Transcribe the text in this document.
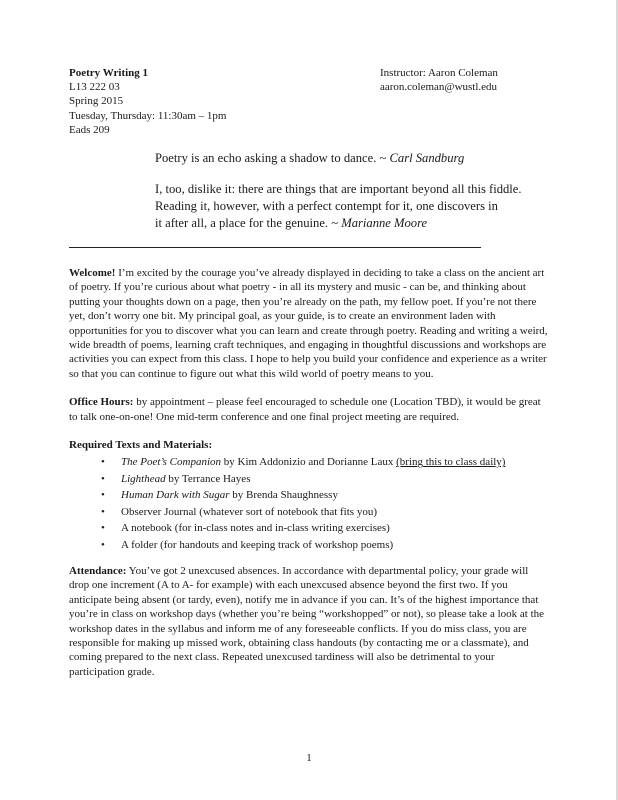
Poetry Writing 1
L13 222 03
Spring 2015
Tuesday, Thursday: 11:30am – 1pm
Eads 209
Instructor: Aaron Coleman
aaron.coleman@wustl.edu

Poetry is an echo asking a shadow to dance. ~ Carl Sandburg

I, too, dislike it: there are things that are important beyond all this fiddle.
Reading it, however, with a perfect contempt for it, one discovers in
it after all, a place for the genuine. ~ Marianne Moore

Welcome! I’m excited by the courage you’ve already displayed in deciding to take a class on the ancient art of poetry. If you’re curious about what poetry - in all its mystery and music - can be, and thinking about putting your thoughts down on a page, then you’re already on the path, my fellow poet. If you’re not there yet, don’t worry one bit. My principal goal, as your guide, is to create an environment laden with opportunities for you to discover what you can learn and create through poetry. Reading and writing a weird, wide breadth of poems, learning craft techniques, and engaging in thoughtful discussions and workshops are activities you can expect from this class. I hope to help you build your confidence and experience as a writer so that you can continue to figure out what this wild world of poetry means to you.

Office Hours: by appointment – please feel encouraged to schedule one (Location TBD), it would be great to talk one-on-one! One mid-term conference and one final project meeting are required.

Required Texts and Materials:
• The Poet’s Companion by Kim Addonizio and Dorianne Laux (bring this to class daily)
• Lighthead by Terrance Hayes
• Human Dark with Sugar by Brenda Shaughnessy
• Observer Journal (whatever sort of notebook that fits you)
• A notebook (for in-class notes and in-class writing exercises)
• A folder (for handouts and keeping track of workshop poems)

Attendance: You’ve got 2 unexcused absences. In accordance with departmental policy, your grade will drop one increment (A to A- for example) with each unexcused absence beyond the first two. If you anticipate being absent (or tardy, even), notify me in advance if you can. It’s of the highest importance that you’re in class on workshop days (whether you’re being “workshopped” or not), so please take a look at the workshop dates in the syllabus and inform me of any foreseeable conflicts. If you do miss class, you are responsible for making up missed work, obtaining class handouts (by contacting me or a classmate), and coming prepared to the next class. Repeated unexcused tardiness will also be detrimental to your participation grade.

1
